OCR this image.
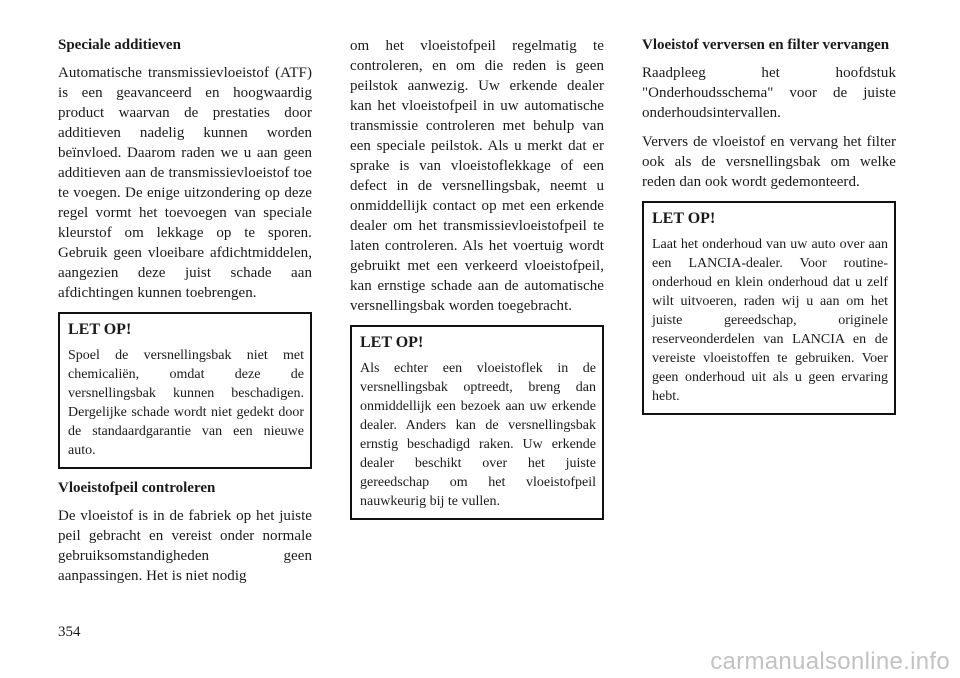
Speciale additieven

Automatische transmissievloeistof (ATF) is een geavanceerd en hoogwaardig product waarvan de prestaties door additieven nadelig kunnen worden beïnvloed. Daarom raden we u aan geen additieven aan de transmissievloeistof toe te voegen. De enige uitzondering op deze regel vormt het toevoegen van speciale kleurstof om lekkage op te sporen. Gebruik geen vloeibare afdichtmiddelen, aangezien deze juist schade aan afdichtingen kunnen toebrengen.

LET OP!

Spoel de versnellingsbak niet met chemicaliën, omdat deze de versnellingsbak kunnen beschadigen. Dergelijke schade wordt niet gedekt door de standaardgarantie van een nieuwe auto.

Vloeistofpeil controleren

De vloeistof is in de fabriek op het juiste peil gebracht en vereist onder normale gebruiksomstandigheden geen aanpassingen. Het is niet nodig

om het vloeistofpeil regelmatig te controleren, en om die reden is geen peilstok aanwezig. Uw erkende dealer kan het vloeistofpeil in uw automatische transmissie controleren met behulp van een speciale peilstok. Als u merkt dat er sprake is van vloeistoflekkage of een defect in de versnellingsbak, neemt u onmiddellijk contact op met een erkende dealer om het transmissievloeistofpeil te laten controleren. Als het voertuig wordt gebruikt met een verkeerd vloeistofpeil, kan ernstige schade aan de automatische versnellingsbak worden toegebracht.

LET OP!

Als echter een vloeistoflek in de versnellingsbak optreedt, breng dan onmiddellijk een bezoek aan uw erkende dealer. Anders kan de versnellingsbak ernstig beschadigd raken. Uw erkende dealer beschikt over het juiste gereedschap om het vloeistofpeil nauwkeurig bij te vullen.

Vloeistof verversen en filter vervangen

Raadpleeg het hoofdstuk "Onderhoudsschema" voor de juiste onderhoudsintervallen.

Ververs de vloeistof en vervang het filter ook als de versnellingsbak om welke reden dan ook wordt gedemonteerd.

LET OP!

Laat het onderhoud van uw auto over aan een LANCIA-dealer. Voor routine-onderhoud en klein onderhoud dat u zelf wilt uitvoeren, raden wij u aan om het juiste gereedschap, originele reserveonderdelen van LANCIA en de vereiste vloeistoffen te gebruiken. Voer geen onderhoud uit als u geen ervaring hebt.

354
carmanualsonline.info
